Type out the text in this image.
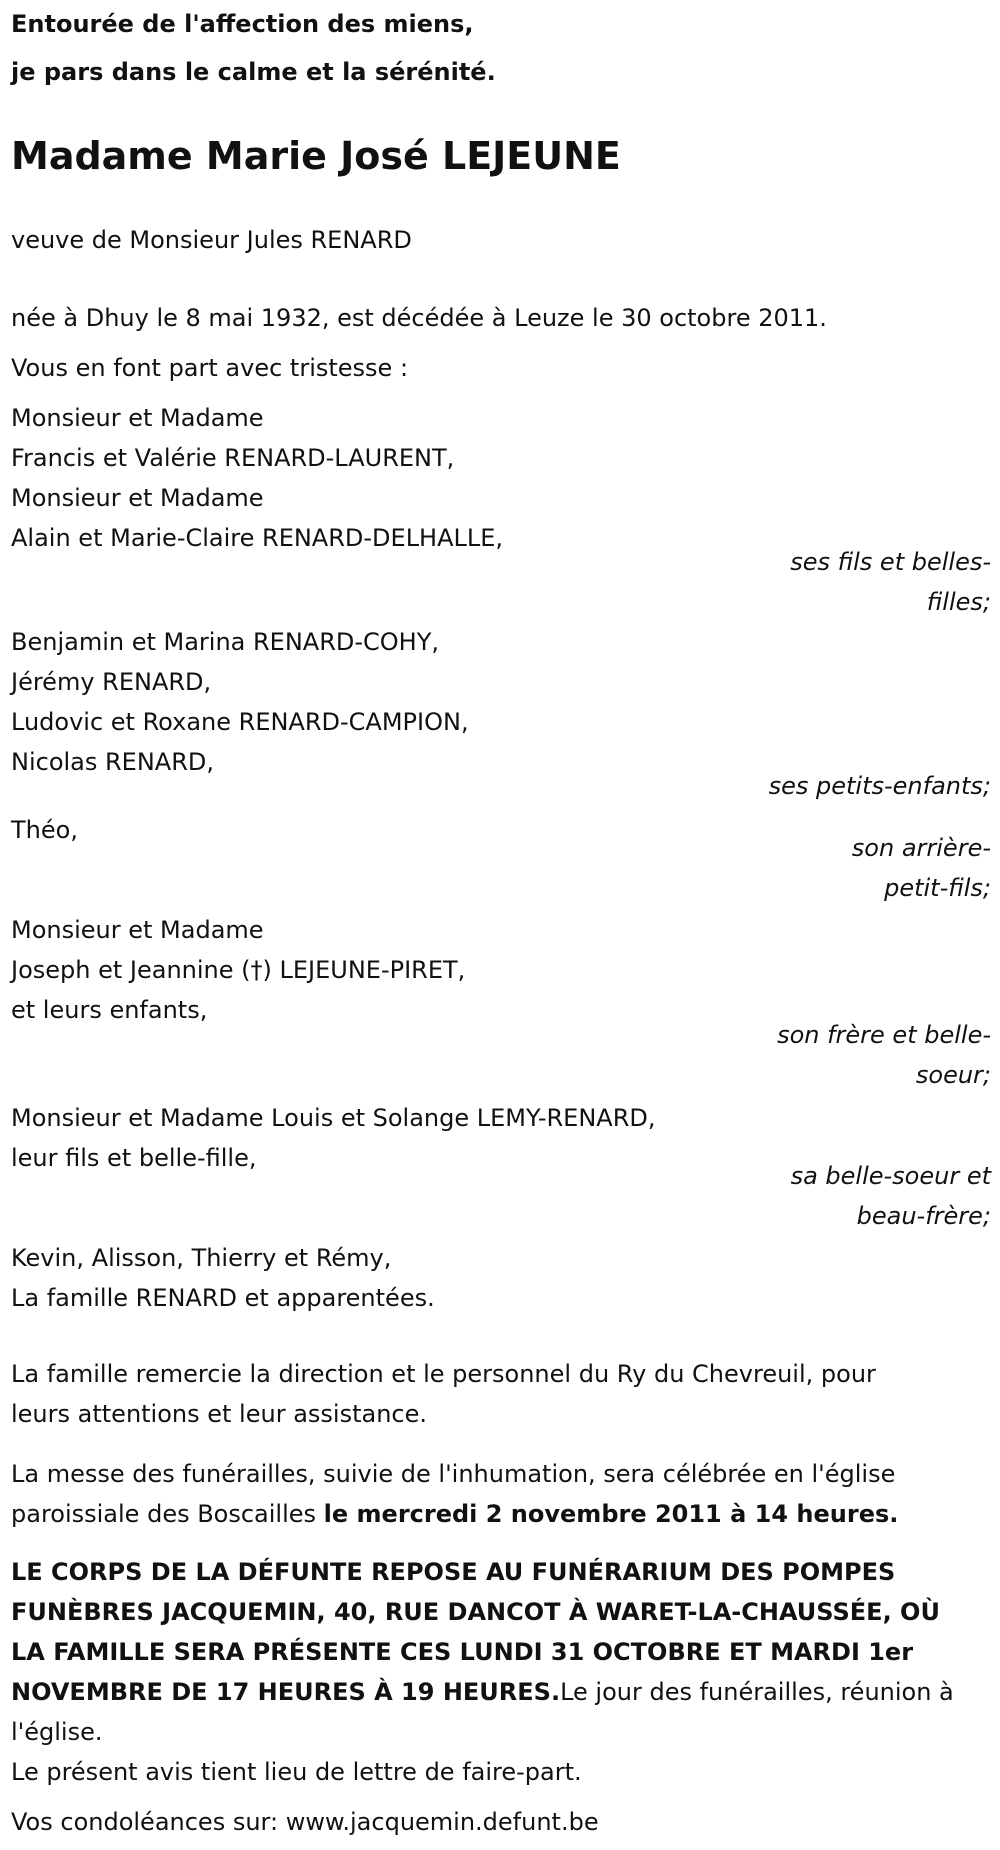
Entourée de l'affection des miens,
je pars dans le calme et la sérénité.
Madame Marie José LEJEUNE
veuve de Monsieur Jules RENARD
née à Dhuy le 8 mai 1932, est décédée à Leuze le 30 octobre 2011.
Vous en font part avec tristesse :
Monsieur et Madame
Francis et Valérie RENARD-LAURENT,
Monsieur et Madame
Alain et Marie-Claire RENARD-DELHALLE,
ses fils et belles-
filles;
Benjamin et Marina RENARD-COHY,
Jérémy RENARD,
Ludovic et Roxane RENARD-CAMPION,
Nicolas RENARD,
ses petits-enfants;
Théo,
son arrière-
petit-fils;
Monsieur et Madame
Joseph et Jeannine (†) LEJEUNE-PIRET,
et leurs enfants,
son frère et belle-
soeur;
Monsieur et Madame Louis et Solange LEMY-RENARD,
leur fils et belle-fille,
sa belle-soeur et
beau-frère;
Kevin, Alisson, Thierry et Rémy,
La famille RENARD et apparentées.
La famille remercie la direction et le personnel du Ry du Chevreuil, pour
leurs attentions et leur assistance.
La messe des funérailles, suivie de l'inhumation, sera célébrée en l'église
paroissiale des Boscailles le mercredi 2 novembre 2011 à 14 heures.
LE CORPS DE LA DÉFUNTE REPOSE AU FUNÉRARIUM DES POMPES
FUNÈBRES JACQUEMIN, 40, RUE DANCOT À WARET-LA-CHAUSSÉE, OÙ
LA FAMILLE SERA PRÉSENTE CES LUNDI 31 OCTOBRE ET MARDI 1er
NOVEMBRE DE 17 HEURES À 19 HEURES.Le jour des funérailles, réunion à
l'église.
Le présent avis tient lieu de lettre de faire-part.
Vos condoléances sur: www.jacquemin.defunt.be
